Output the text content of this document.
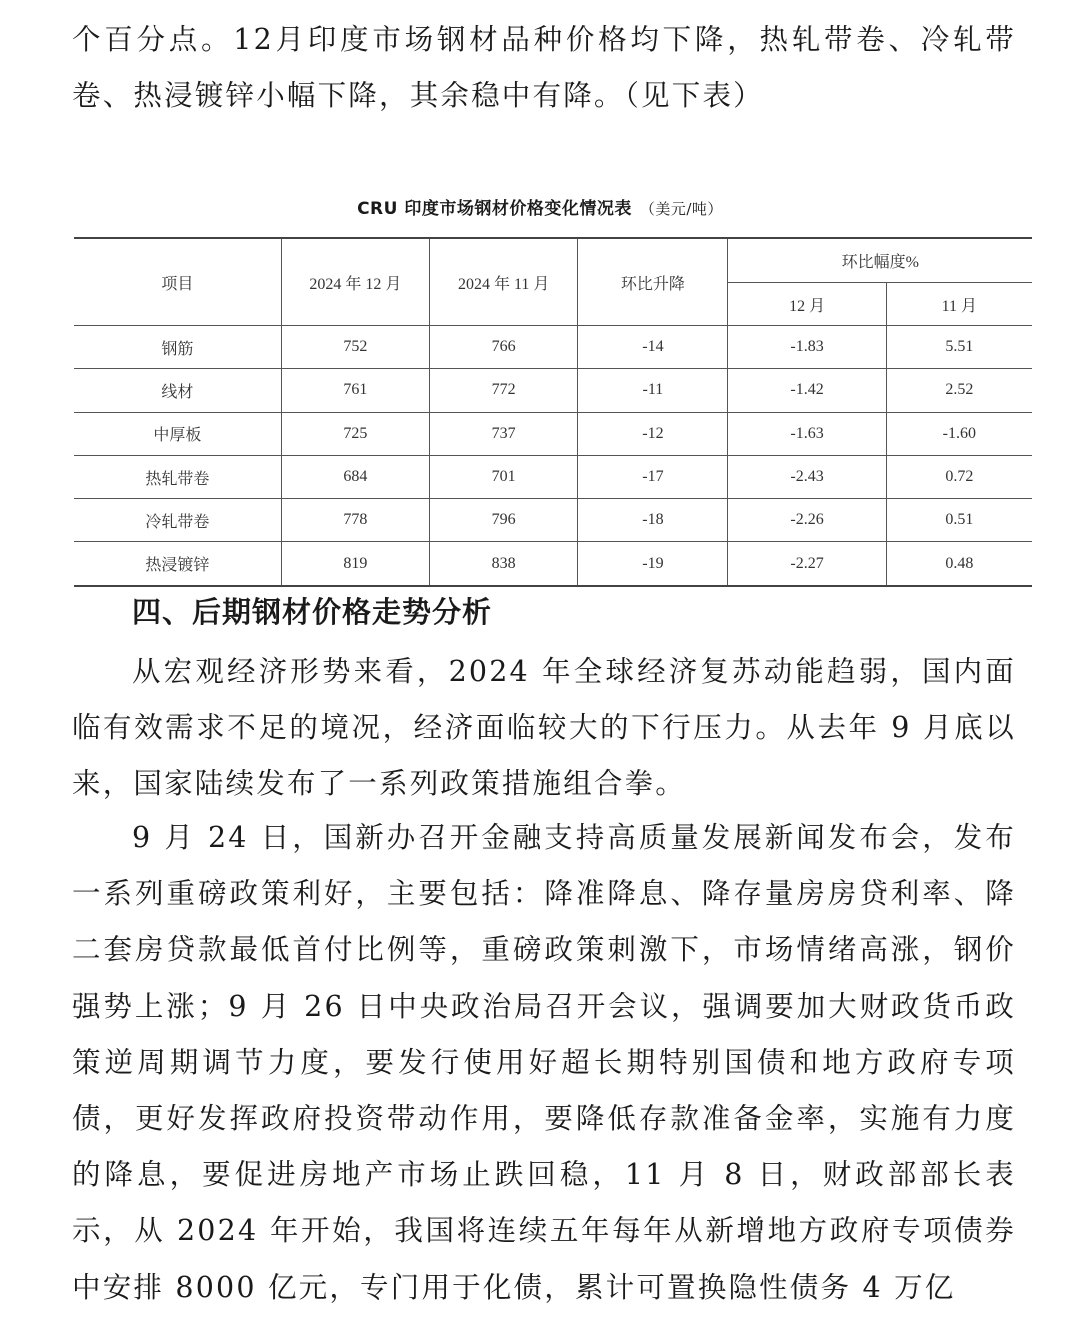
个百分点。12月印度市场钢材品种价格均下降，热轧带卷、冷轧带卷、热浸镀锌小幅下降，其余稳中有降。（见下表）

CRU 印度市场钢材价格变化情况表 （美元/吨）
项目	2024 年 12 月	2024 年 11 月	环比升降	环比幅度%	
				12 月	11 月
钢筋	752	766	-14	-1.83	5.51
线材	761	772	-11	-1.42	2.52
中厚板	725	737	-12	-1.63	-1.60
热轧带卷	684	701	-17	-2.43	0.72
冷轧带卷	778	796	-18	-2.26	0.51
热浸镀锌	819	838	-19	-2.27	0.48
四、后期钢材价格走势分析

从宏观经济形势来看，2024 年全球经济复苏动能趋弱，国内面临有效需求不足的境况，经济面临较大的下行压力。从去年 9 月底以来，国家陆续发布了一系列政策措施组合拳。

9 月 24 日，国新办召开金融支持高质量发展新闻发布会，发布一系列重磅政策利好，主要包括：降准降息、降存量房房贷利率、降二套房贷款最低首付比例等，重磅政策刺激下，市场情绪高涨，钢价强势上涨；9 月 26 日中央政治局召开会议，强调要加大财政货币政策逆周期调节力度，要发行使用好超长期特别国债和地方政府专项债，更好发挥政府投资带动作用，要降低存款准备金率，实施有力度的降息，要促进房地产市场止跌回稳，11 月 8 日，财政部部长表示，从 2024 年开始，我国将连续五年每年从新增地方政府专项债券中安排 8000 亿元，专门用于化债，累计可置换隐性债务 4 万亿
